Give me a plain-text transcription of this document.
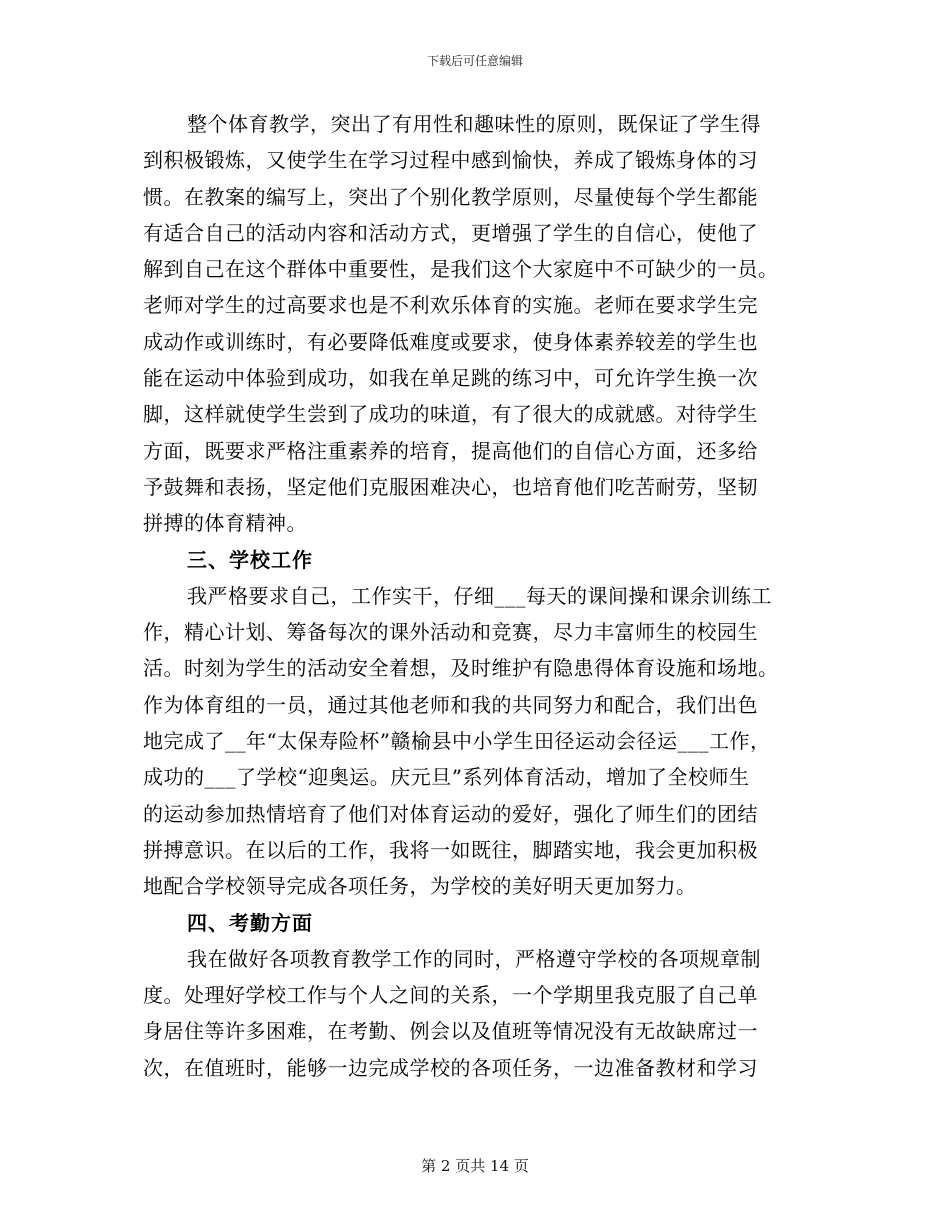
下载后可任意编辑
整个体育教学，突出了有用性和趣味性的原则，既保证了学生得
到积极锻炼，又使学生在学习过程中感到愉快，养成了锻炼身体的习
惯。在教案的编写上，突出了个别化教学原则，尽量使每个学生都能
有适合自己的活动内容和活动方式，更增强了学生的自信心，使他了
解到自己在这个群体中重要性，是我们这个大家庭中不可缺少的一员。
老师对学生的过高要求也是不利欢乐体育的实施。老师在要求学生完
成动作或训练时，有必要降低难度或要求，使身体素养较差的学生也
能在运动中体验到成功，如我在单足跳的练习中，可允许学生换一次
脚，这样就使学生尝到了成功的味道，有了很大的成就感。对待学生
方面，既要求严格注重素养的培育，提高他们的自信心方面，还多给
予鼓舞和表扬，坚定他们克服困难决心，也培育他们吃苦耐劳，坚韧
拼搏的体育精神。
三、学校工作
我严格要求自己，工作实干，仔细___每天的课间操和课余训练工
作，精心计划、筹备每次的课外活动和竞赛，尽力丰富师生的校园生
活。时刻为学生的活动安全着想，及时维护有隐患得体育设施和场地。
作为体育组的一员，通过其他老师和我的共同努力和配合，我们出色
地完成了__年“太保寿险杯”赣榆县中小学生田径运动会径运___工作，
成功的___了学校“迎奥运。庆元旦”系列体育活动，增加了全校师生
的运动参加热情培育了他们对体育运动的爱好，强化了师生们的团结
拼搏意识。在以后的工作，我将一如既往，脚踏实地，我会更加积极
地配合学校领导完成各项任务，为学校的美好明天更加努力。
四、考勤方面
我在做好各项教育教学工作的同时，严格遵守学校的各项规章制
度。处理好学校工作与个人之间的关系，一个学期里我克服了自己单
身居住等许多困难，在考勤、例会以及值班等情况没有无故缺席过一
次，在值班时，能够一边完成学校的各项任务，一边准备教材和学习
第 2 页共 14 页
